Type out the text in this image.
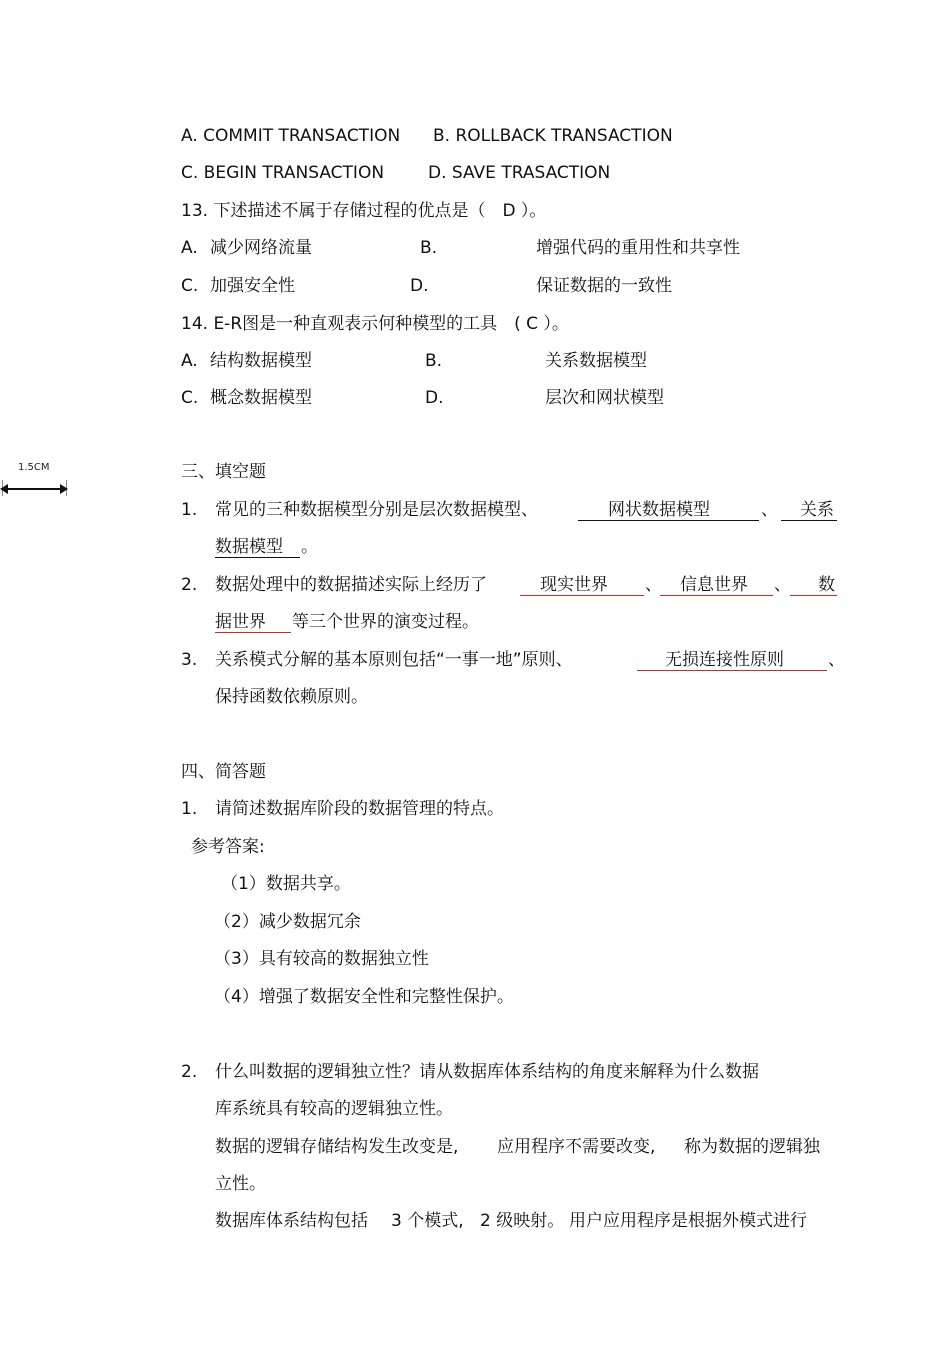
A. COMMIT TRANSACTION B. ROLLBACK TRANSACTION
C. BEGIN TRANSACTION	D. SAVE TRASACTION
13. 下述描述不属于存储过程的优点是（　D ）。
A. 减少网络流量	B.	增强代码的重用性和共享性
C. 加强安全性	D.	保证数据的一致性
14. E-R图是一种直观表示何种模型的工具　( C ）。
A. 结构数据模型	B.	关系数据模型
C. 概念数据模型	D.	层次和网状模型
1.5CM	三、填空题
1. 常见的三种数据模型分别是层次数据模型、	网状数据模型	、 关系
数据模型 。
2. 数据处理中的数据描述实际上经历了	现实世界 、 信息世界 、 数
据世界 等三个世界的演变过程。
3. 关系模式分解的基本原则包括“一事一地”原则、	无损连接性原则	、
保持函数依赖原则。
四、简答题
1. 请简述数据库阶段的数据管理的特点。
参考答案:
（1）数据共享。
（2）减少数据冗余
（3）具有较高的数据独立性
（4）增强了数据安全性和完整性保护。
2. 什么叫数据的逻辑独立性？请从数据库体系结构的角度来解释为什么数据
库系统具有较高的逻辑独立性。
数据的逻辑存储结构发生改变是, 应用程序不需要改变, 称为数据的逻辑独
立性。
数据库体系结构包括 3 个模式, 2 级映射。 用户应用程序是根据外模式进行
